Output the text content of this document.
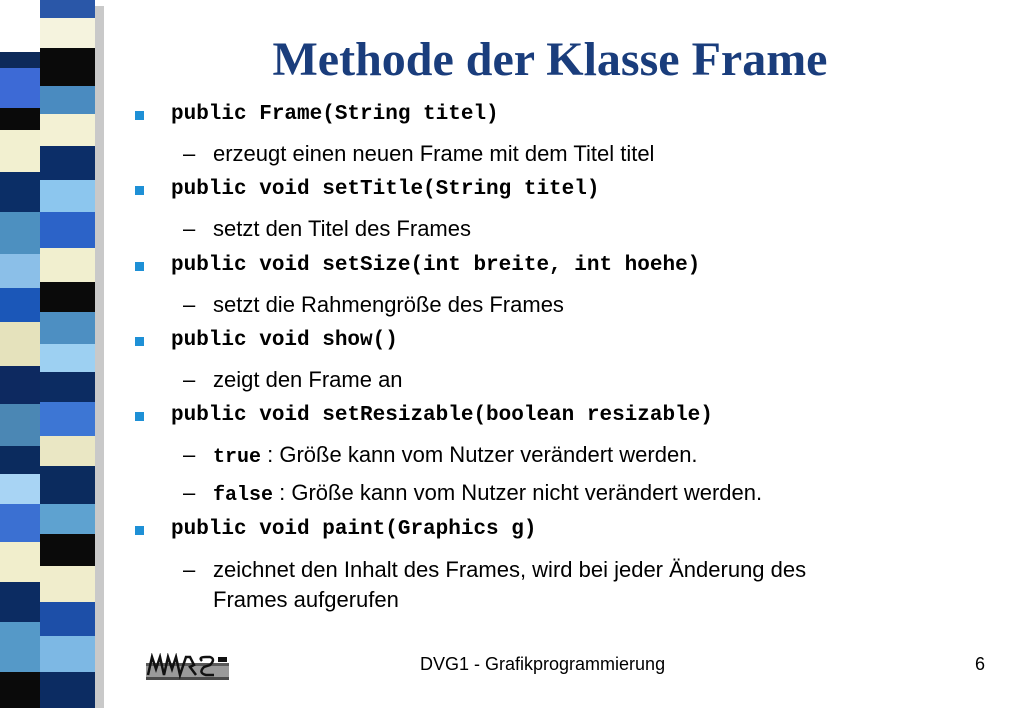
Methode der Klasse Frame
public Frame(String titel)
– erzeugt einen neuen Frame mit dem Titel titel
public void setTitle(String titel)
– setzt den Titel des Frames
public void setSize(int breite, int hoehe)
– setzt die Rahmengröße des Frames
public void show()
– zeigt den Frame an
public void setResizable(boolean resizable)
– true : Größe kann vom Nutzer verändert werden.
– false : Größe kann vom Nutzer nicht verändert werden.
public void paint(Graphics g)
– zeichnet den Inhalt des Frames, wird bei jeder Änderung des
Frames aufgerufen
DVG1 - Grafikprogrammierung	6
